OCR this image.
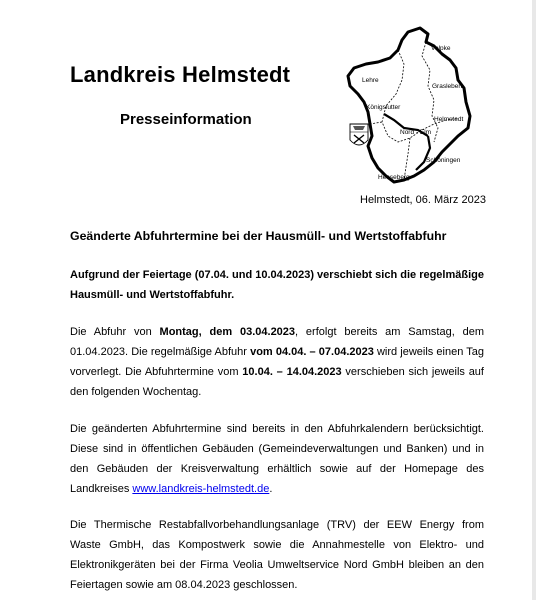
Landkreis Helmstedt
Presseinformation
Velpke
Lehre
Grasleben
Königslutter
Helmstedt
Nord - Elm
Schöningen
Heeseberg
Helmstedt, 06. März 2023
Geänderte Abfuhrtermine bei der Hausmüll- und Wertstoffabfuhr
Aufgrund der Feiertage (07.04. und 10.04.2023) verschiebt sich die regelmäßige Hausmüll- und Wertstoffabfuhr.
Die Abfuhr von Montag, dem 03.04.2023, erfolgt bereits am Samstag, dem 01.04.2023. Die regelmäßige Abfuhr vom 04.04. – 07.04.2023 wird jeweils einen Tag vorverlegt. Die Abfuhrtermine vom 10.04. – 14.04.2023 verschieben sich jeweils auf den folgenden Wochentag.
Die geänderten Abfuhrtermine sind bereits in den Abfuhrkalendern berücksichtigt. Diese sind in öffentlichen Gebäuden (Gemeindeverwaltungen und Banken) und in den Gebäuden der Kreisverwaltung erhältlich sowie auf der Homepage des Landkreises www.landkreis-helmstedt.de.
Die Thermische Restabfallvorbehandlungsanlage (TRV) der EEW Energy from Waste GmbH, das Kompostwerk sowie die Annahmestelle von Elektro- und Elektronikgeräten bei der Firma Veolia Umweltservice Nord GmbH bleiben an den Feiertagen sowie am 08.04.2023 geschlossen.
